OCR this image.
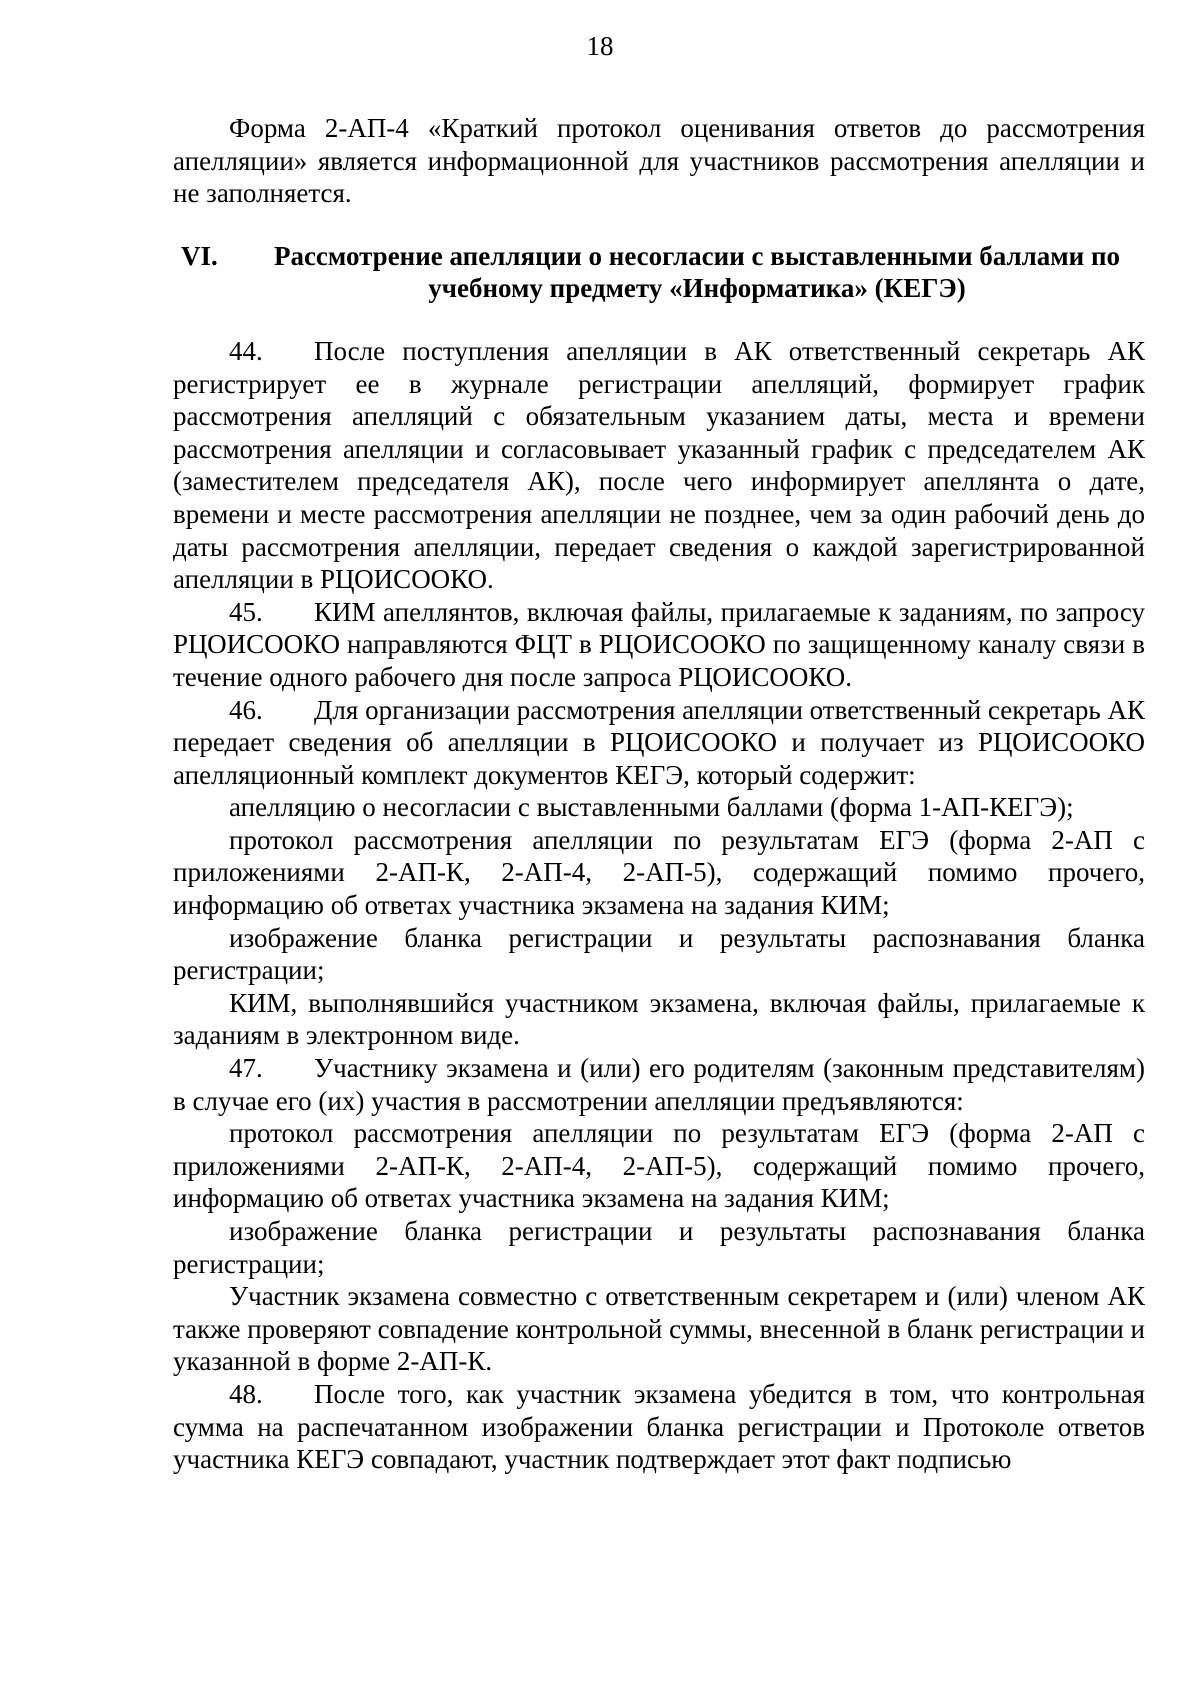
18

Форма 2-АП-4 «Краткий протокол оценивания ответов до рассмотрения апелляции» является информационной для участников рассмотрения апелляции и не заполняется.

VI.	Рассмотрение апелляции о несогласии с выставленными баллами по
учебному предмету «Информатика» (КЕГЭ)

44. После поступления апелляции в АК ответственный секретарь АК регистрирует ее в журнале регистрации апелляций, формирует график рассмотрения апелляций с обязательным указанием даты, места и времени рассмотрения апелляции и согласовывает указанный график с председателем АК (заместителем председателя АК), после чего информирует апеллянта о дате, времени и месте рассмотрения апелляции не позднее, чем за один рабочий день до даты рассмотрения апелляции, передает сведения о каждой зарегистрированной апелляции в РЦОИСООКО.

45. КИМ апеллянтов, включая файлы, прилагаемые к заданиям, по запросу РЦОИСООКО направляются ФЦТ в РЦОИСООКО по защищенному каналу связи в течение одного рабочего дня после запроса РЦОИСООКО.

46. Для организации рассмотрения апелляции ответственный секретарь АК передает сведения об апелляции в РЦОИСООКО и получает из РЦОИСООКО апелляционный комплект документов КЕГЭ, который содержит:

апелляцию о несогласии с выставленными баллами (форма 1-АП-КЕГЭ);

протокол рассмотрения апелляции по результатам ЕГЭ (форма 2-АП с приложениями 2-АП-К, 2-АП-4, 2-АП-5), содержащий помимо прочего, информацию об ответах участника экзамена на задания КИМ;

изображение бланка регистрации и результаты распознавания бланка регистрации;

КИМ, выполнявшийся участником экзамена, включая файлы, прилагаемые к заданиям в электронном виде.

47. Участнику экзамена и (или) его родителям (законным представителям) в случае его (их) участия в рассмотрении апелляции предъявляются:

протокол рассмотрения апелляции по результатам ЕГЭ (форма 2-АП с приложениями 2-АП-К, 2-АП-4, 2-АП-5), содержащий помимо прочего, информацию об ответах участника экзамена на задания КИМ;

изображение бланка регистрации и результаты распознавания бланка регистрации;

Участник экзамена совместно с ответственным секретарем и (или) членом АК также проверяют совпадение контрольной суммы, внесенной в бланк регистрации и указанной в форме 2-АП-К.

48. После того, как участник экзамена убедится в том, что контрольная сумма на распечатанном изображении бланка регистрации и Протоколе ответов участника КЕГЭ совпадают, участник подтверждает этот факт подписью
